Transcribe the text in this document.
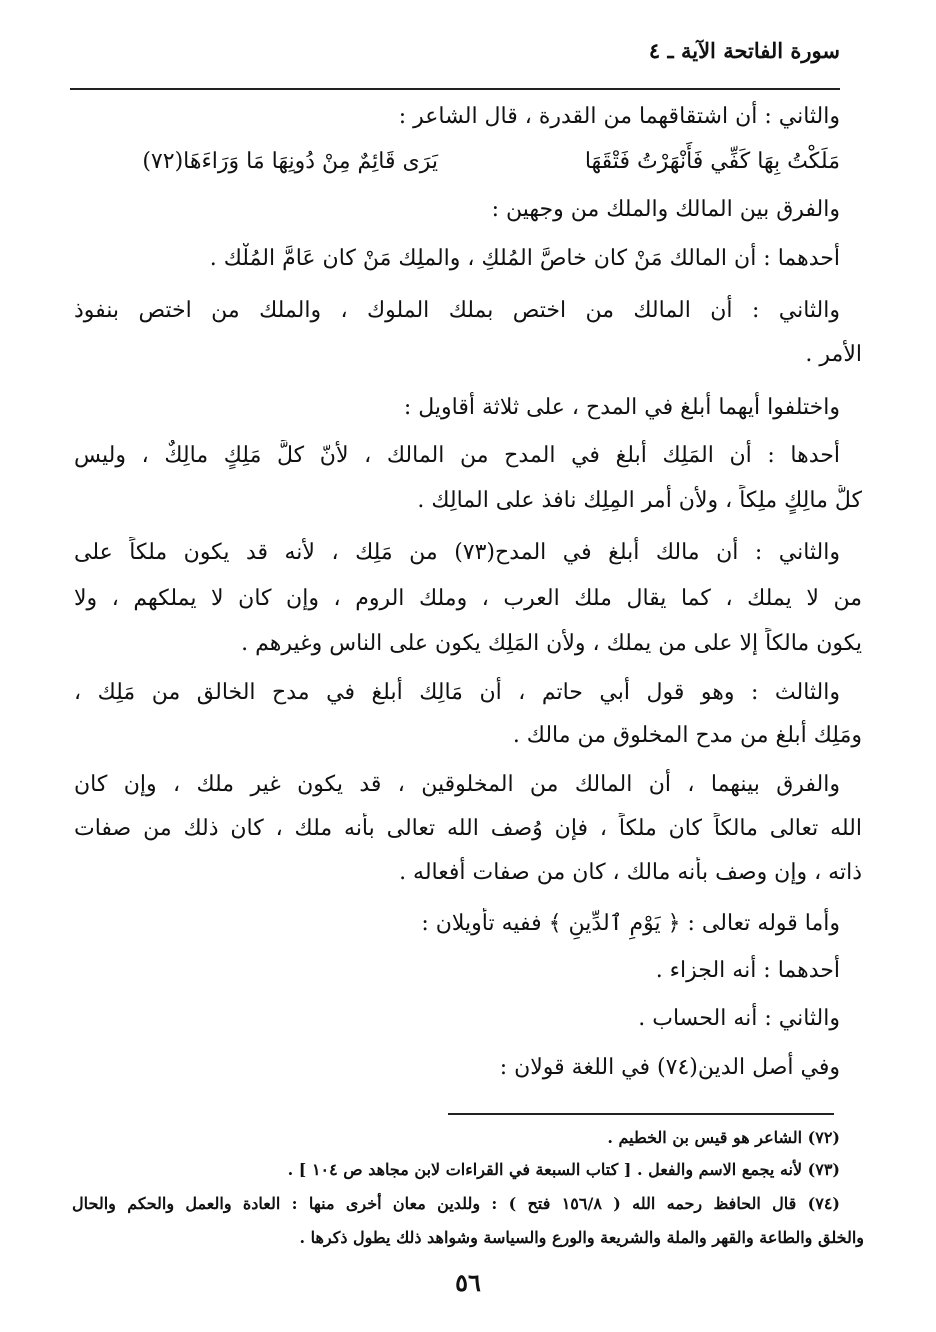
سورة الفاتحة الآية ـ ٤
والثاني : أن اشتقاقهما من القدرة ، قال الشاعر :
مَلَكْتُ بِهَا كَفِّي فَأَنْهَرْتُ فَتْقَهَا
يَرَى قَائِمٌ مِنْ دُونِهَا مَا وَرَاءَهَا(٧٢)
والفرق بين المالك والملك من وجهين :
أحدهما : أن المالك مَنْ كان خاصَّ المُلكِ ، والملِك مَنْ كان عَامَّ المُلْك .
والثاني : أن المالك من اختص بملك الملوك ، والملك من اختص بنفوذ
الأمر .
واختلفوا أيهما أبلغ في المدح ، على ثلاثة أقاويل :
أحدها : أن المَلِك أبلغ في المدح من المالك ، لأنّ كلَّ مَلِكٍ مالِكٌ ، وليس
كلُّ مالِكٍ ملِكاً ، ولأن أمر المِلِك نافذ على المالِك .
والثاني : أن مالك أبلغ في المدح(٧٣) من مَلِك ، لأنه قد يكون ملكاً على
من لا يملك ، كما يقال ملك العرب ، وملك الروم ، وإن كان لا يملكهم ، ولا
يكون مالكاً إلا على من يملك ، ولأن المَلِك يكون على الناس وغيرهم .
والثالث : وهو قول أبي حاتم ، أن مَالِك أبلغ في مدح الخالق من مَلِك ،
ومَلِك أبلغ من مدح المخلوق من مالك .
والفرق بينهما ، أن المالك من المخلوقين ، قد يكون غير ملك ، وإن كان
الله تعالى مالكاً كان ملكاً ، فإن وُصف الله تعالى بأنه ملك ، كان ذلك من صفات
ذاته ، وإن وصف بأنه مالك ، كان من صفات أفعاله .
وأما قوله تعالى : ﴿ يَوْمِ ٱلدِّينِ ﴾ ففيه تأويلان :
أحدهما : أنه الجزاء .
والثاني : أنه الحساب .
وفي أصل الدين(٧٤) في اللغة قولان :
(٧٢) الشاعر هو قيس بن الخطيم .
(٧٣) لأنه يجمع الاسم والفعل . [ كتاب السبعة في القراءات لابن مجاهد ص ١٠٤ ] .
(٧٤) قال الحافظ رحمه الله ( ١٥٦/٨ فتح ) : وللدين معان أخرى منها : العادة والعمل والحكم والحال
والخلق والطاعة والقهر والملة والشريعة والورع والسياسة وشواهد ذلك يطول ذكرها .
٥٦
